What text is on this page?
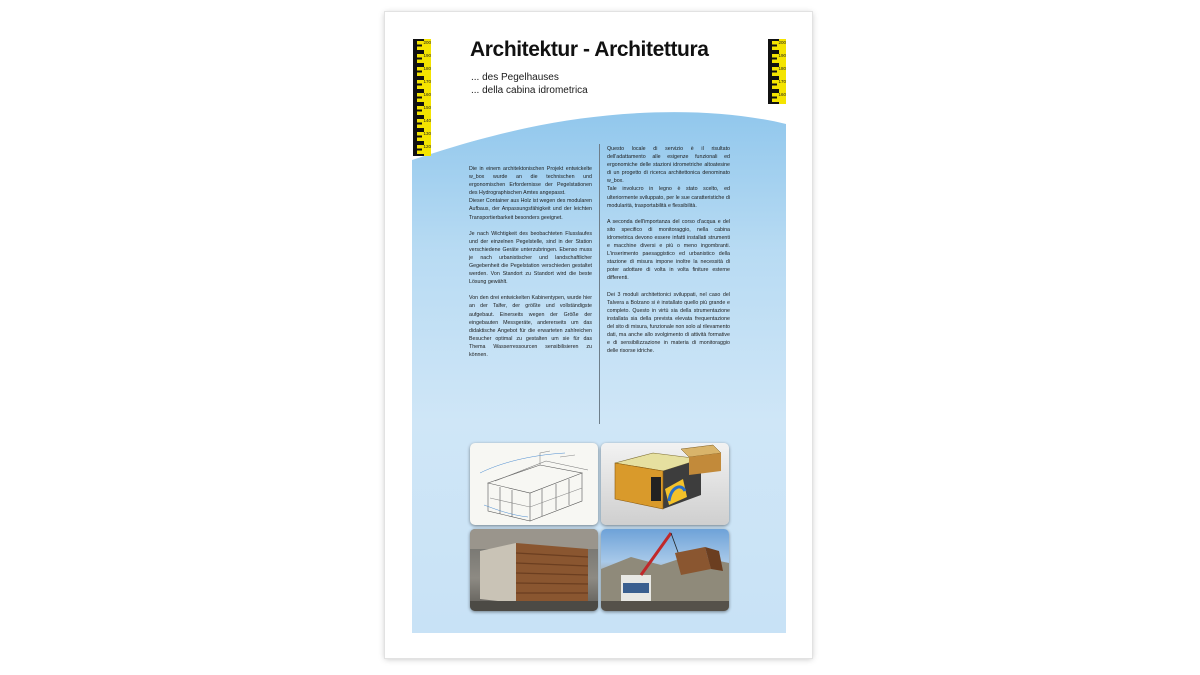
Architektur - Architettura
... des Pegelhauses
... della cabina idrometrica
200
190
180
170
160
150
140
130
120
200
190
180
170
160

Die in einem architektonischen Projekt entwickelte w_box wurde an die technischen und ergonomischen Erfordernisse der Pegelstationen des Hydrographischen Amtes angepasst.
Dieser Container aus Holz ist wegen des modularen Aufbaus, der Anpassungsfähigkeit und der leichten Transportierbarkeit besonders geeignet.

Je nach Wichtigkeit des beobachteten Flusslaufes und der einzelnen Pegelstelle, sind in der Station verschiedene Geräte unterzubringen. Ebenso muss je nach urbanistischer und landschaftlicher Gegebenheit die Pegelstation verschieden gestaltet werden. Von Standort zu Standort wird die beste Lösung gewählt.

Von den drei entwickelten Kabinentypen, wurde hier an der Talfer, der größte und vollständigste aufgebaut. Einerseits wegen der Größe der eingebauten Messgeräte, andererseits um das didaktische Angebot für die erwarteten zahlreichen Besucher optimal zu gestalten um sie für das Thema Wasserressourcen sensibilisieren zu können.

Questo locale di servizio è il risultato dell'adattamento alle esigenze funzionali ed ergonomiche delle stazioni idrometriche altoatesine di un progetto di ricerca architettonica denominato w_box.
Tale involucro in legno è stato scelto, ed ulteriormente sviluppato, per le sue caratteristiche di modularità, trasportabilità e flessibilità.

A seconda dell'importanza del corso d'acqua e del sito specifico di monitoraggio, nella cabina idrometrica devono essere infatti installati strumenti e macchine diversi e più o meno ingombranti. L'inserimento paesaggistico ed urbanistico della stazione di misura impone inoltre la necessità di poter adottare di volta in volta finiture esterne differenti.

Dei 3 moduli architettonici sviluppati, nel caso del Talvera a Bolzano si è installato quello più grande e completo. Questo in virtù sia della strumentazione installata sia della prevista elevata frequentazione del sito di misura, funzionale non solo al rilevamento dati, ma anche allo svolgimento di attività formative e di sensibilizzazione in materia di monitoraggio delle risorse idriche.
